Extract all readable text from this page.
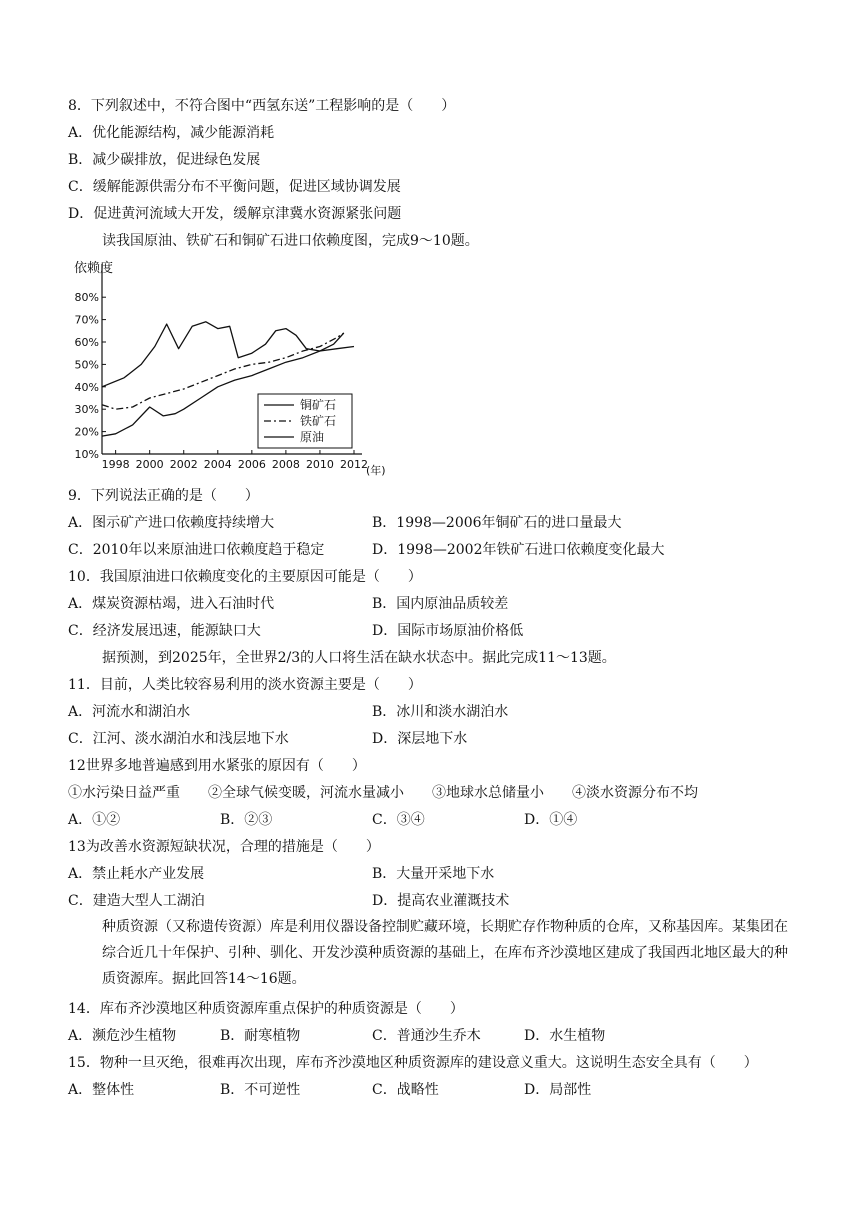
8．下列叙述中，不符合图中“西氢东送”工程影响的是（　　）
A．优化能源结构，减少能源消耗
B．减少碳排放，促进绿色发展
C．缓解能源供需分布不平衡问题，促进区域协调发展
D．促进黄河流域大开发，缓解京津冀水资源紧张问题
读我国原油、铁矿石和铜矿石进口依赖度图，完成9～10题。
依赖度
80%
70%
60%
50%
40%
30%
20%
10%
1998 2000 2002 2004 2006 2008 2010 2012
铜矿石
铁矿石
原油
(年)
9．下列说法正确的是（　　）
A．图示矿产进口依赖度持续增大	B．1998—2006年铜矿石的进口量最大
C．2010年以来原油进口依赖度趋于稳定	D．1998—2002年铁矿石进口依赖度变化最大
10．我国原油进口依赖度变化的主要原因可能是（　　）
A．煤炭资源枯竭，进入石油时代	B．国内原油品质较差
C．经济发展迅速，能源缺口大	D．国际市场原油价格低
据预测，到2025年，全世界2/3的人口将生活在缺水状态中。据此完成11～13题。
11．目前，人类比较容易利用的淡水资源主要是（　　）
A．河流水和湖泊水	B．冰川和淡水湖泊水
C．江河、淡水湖泊水和浅层地下水	D．深层地下水
12世界多地普遍感到用水紧张的原因有（　　）
①水污染日益严重　　②全球气候变暖，河流水量减小　　③地球水总储量小　　④淡水资源分布不均
A．①②	B．②③	C．③④	D．①④
13为改善水资源短缺状况，合理的措施是（　　）
A．禁止耗水产业发展	B．大量开采地下水
C．建造大型人工湖泊	D．提高农业灌溉技术
种质资源（又称遗传资源）库是利用仪器设备控制贮藏环境，长期贮存作物种质的仓库，又称基因库。某集团在综合近几十年保护、引种、驯化、开发沙漠种质资源的基础上，在库布齐沙漠地区建成了我国西北地区最大的种质资源库。据此回答14～16题。
14．库布齐沙漠地区种质资源库重点保护的种质资源是（　　）
A．濒危沙生植物	B．耐寒植物	C．普通沙生乔木	D．水生植物
15．物种一旦灭绝，很难再次出现，库布齐沙漠地区种质资源库的建设意义重大。这说明生态安全具有（　　）
A．整体性	B．不可逆性	C．战略性	D．局部性
